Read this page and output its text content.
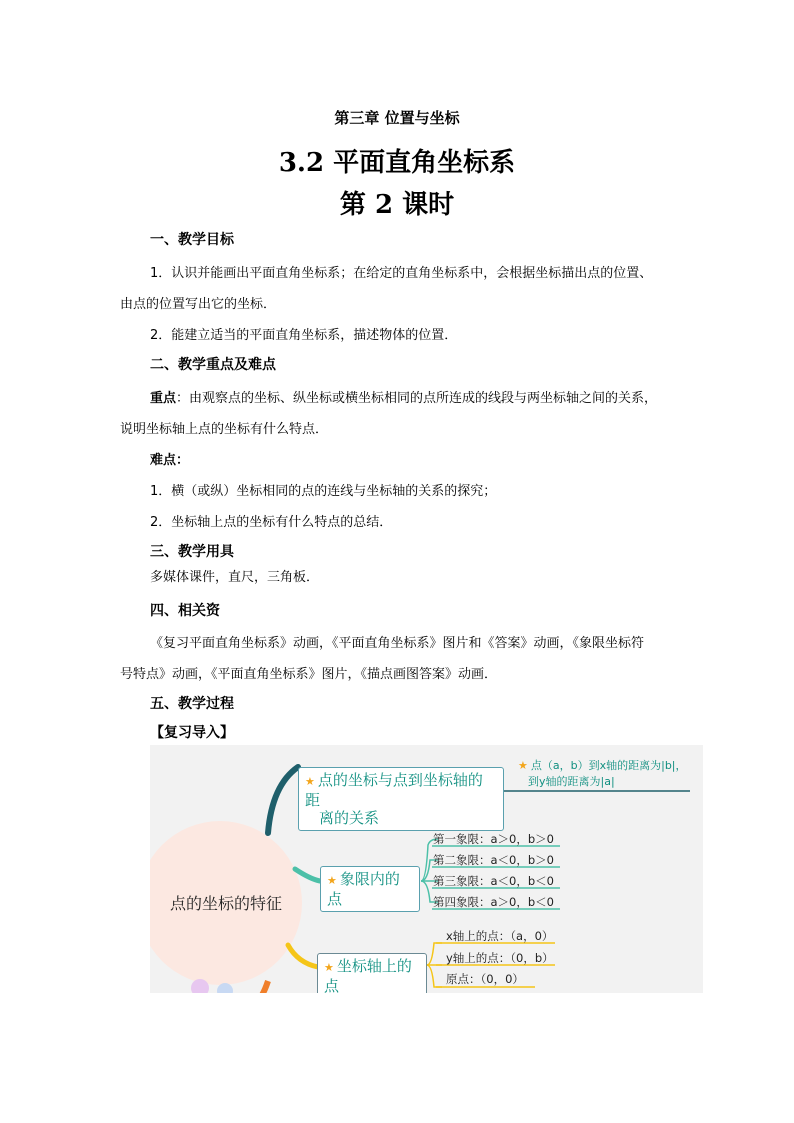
第三章 位置与坐标
3.2 平面直角坐标系
第 2 课时
一、教学目标
1．认识并能画出平面直角坐标系；在给定的直角坐标系中，会根据坐标描出点的位置、
由点的位置写出它的坐标．
2．能建立适当的平面直角坐标系，描述物体的位置．
二、教学重点及难点
重点：由观察点的坐标、纵坐标或横坐标相同的点所连成的线段与两坐标轴之间的关系，
说明坐标轴上点的坐标有什么特点．
难点：
1．横（或纵）坐标相同的点的连线与坐标轴的关系的探究；
2．坐标轴上点的坐标有什么特点的总结．
三、教学用具
多媒体课件，直尺，三角板．
四、相关资
《复习平面直角坐标系》动画，《平面直角坐标系》图片和《答案》动画，《象限坐标符
号特点》动画，《平面直角坐标系》图片，《描点画图答案》动画．
五、教学过程
【复习导入】
点的坐标的特征
★ 点的坐标与点到坐标轴的距
离的关系
★ 点（a，b）到x轴的距离为|b|，
到y轴的距离为|a|
★ 象限内的点
第一象限：a＞0，b＞0
第二象限：a＜0，b＞0
第三象限：a＜0，b＜0
第四象限：a＞0，b＜0
★ 坐标轴上的点
x轴上的点：（a，0）
y轴上的点：（0，b）
原点：（0，0）
